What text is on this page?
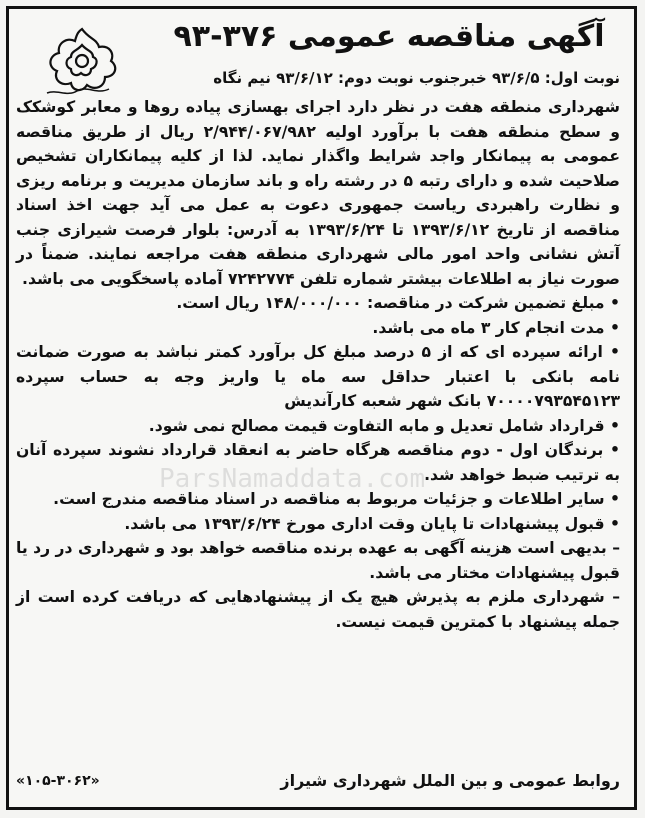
آگهی مناقصه عمومی ۳۷۶-۹۳
نوبت اول: ۹۳/۶/۵ خبرجنوب نوبت دوم: ۹۳/۶/۱۲ نیم نگاه

شهرداری منطقه هفت در نظر دارد اجرای بهسازی پیاده روها و معابر کوشکک و سطح منطقه هفت با برآورد اولیه ۲/۹۴۴/۰۶۷/۹۸۲ ریال از طریق مناقصه عمومی به پیمانکار واجد شرایط واگذار نماید. لذا از کلیه پیمانکاران تشخیص صلاحیت شده و دارای رتبه ۵ در رشته راه و باند سازمان مدیریت و برنامه ریزی و نظارت راهبردی ریاست جمهوری دعوت به عمل می آید جهت اخذ اسناد مناقصه از تاریخ ۱۳۹۳/۶/۱۲ تا ۱۳۹۳/۶/۲۴ به آدرس: بلوار فرصت شیرازی جنب آتش نشانی واحد امور مالی شهرداری منطقه هفت مراجعه نمایند. ضمناً در صورت نیاز به اطلاعات بیشتر شماره تلفن ۷۲۴۲۷۷۴ آماده پاسخگویی می باشد.

• مبلغ تضمین شرکت در مناقصه: ۱۴۸/۰۰۰/۰۰۰ ریال است.
• مدت انجام کار ۳ ماه می باشد.
• ارائه سپرده ای که از ۵ درصد مبلغ کل برآورد کمتر نباشد به صورت ضمانت نامه بانکی با اعتبار حداقل سه ماه یا واریز وجه به حساب سپرده ۷۰۰۰۰۷۹۳۵۴۵۱۲۳ بانک شهر شعبه کارآندیش
• قرارداد شامل تعدیل و مابه التفاوت قیمت مصالح نمی شود.
• برندگان اول - دوم مناقصه هرگاه حاضر به انعقاد قرارداد نشوند سپرده آنان به ترتیب ضبط خواهد شد.
• سایر اطلاعات و جزئیات مربوط به مناقصه در اسناد مناقصه مندرج است.
• قبول پیشنهادات تا پایان وقت اداری مورخ ۱۳۹۳/۶/۲۴ می باشد.

– بدیهی است هزینه آگهی به عهده برنده مناقصه خواهد بود و شهرداری در رد یا قبول پیشنهادات مختار می باشد.

– شهرداری ملزم به پذیرش هیچ یک از پیشنهادهایی که دریافت کرده است از جمله پیشنهاد با کمترین قیمت نیست.

ParsNamaddata.com
روابط عمومی و بین الملل شهرداری شیراز
«۱۰۵-۳۰۶۲»
